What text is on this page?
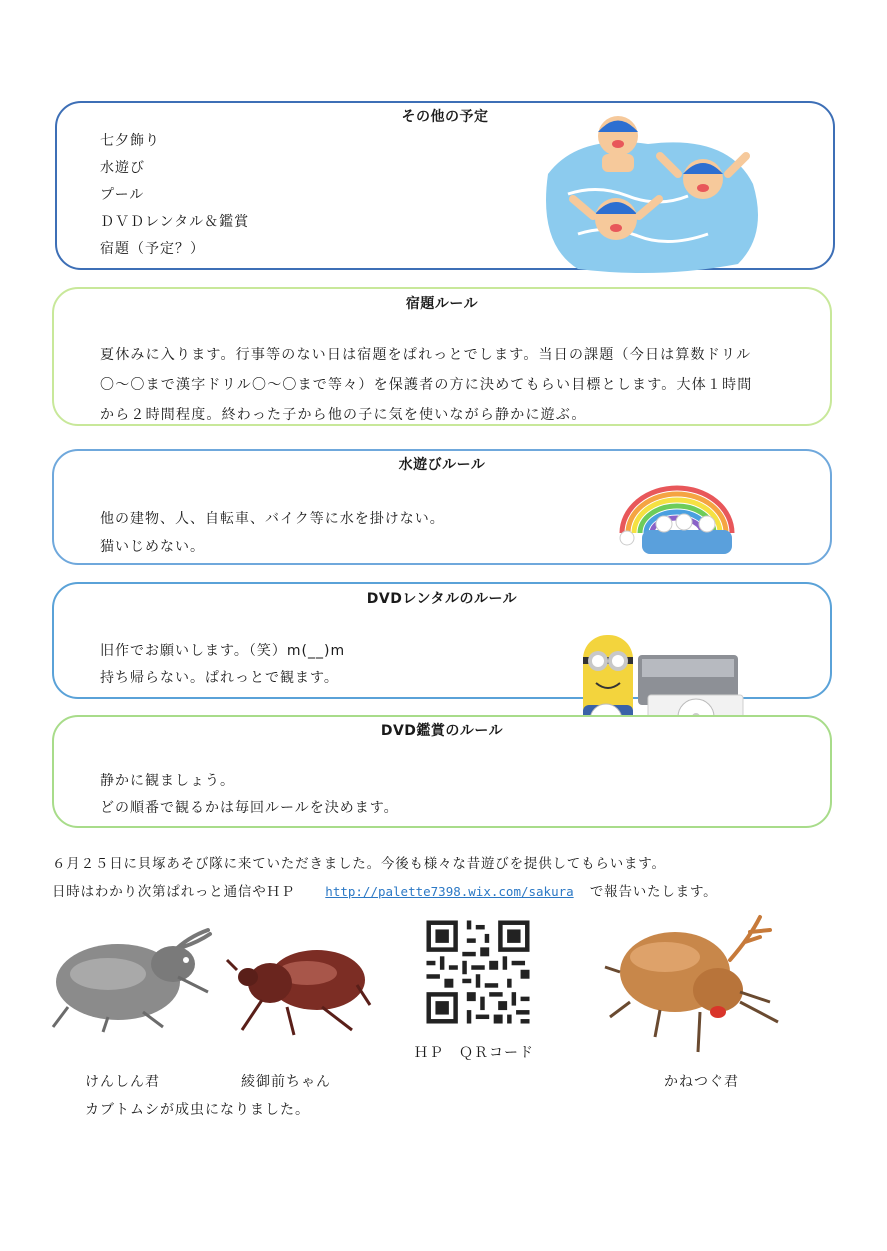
その他の予定
七夕飾り
水遊び
プール
ＤＶＤレンタル＆鑑賞
宿題（予定？）
宿題ルール
夏休みに入ります。行事等のない日は宿題をぱれっとでします。当日の課題（今日は算数ドリル
〇～〇まで漢字ドリル〇～〇まで等々）を保護者の方に決めてもらい目標とします。大体１時間
から２時間程度。終わった子から他の子に気を使いながら静かに遊ぶ。
水遊びルール
他の建物、人、自転車、バイク等に水を掛けない。
猫いじめない。
DVDレンタルのルール
旧作でお願いします。（笑）m(__)m
持ち帰らない。ぱれっとで観ます。
DVD鑑賞のルール
静かに観ましょう。
どの順番で観るかは毎回ルールを決めます。
６月２５日に貝塚あそび隊に来ていただきました。今後も様々な昔遊びを提供してもらいます。
日時はわかり次第ぱれっと通信やＨＰ http://palette7398.wix.com/sakura で報告いたします。
ＨＰ　ＱＲコード
けんしん君	綾御前ちゃん	かねつぐ君
カブトムシが成虫になりました。
